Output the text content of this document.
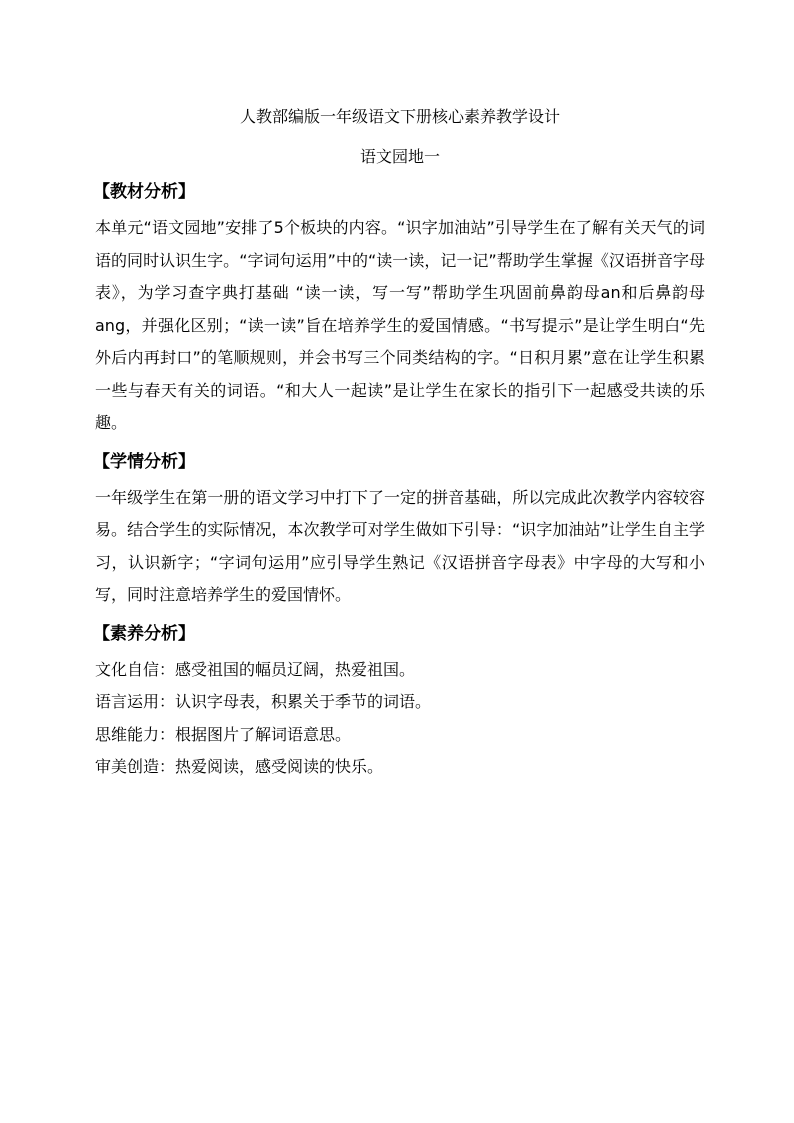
人教部编版一年级语文下册核心素养教学设计

语文园地一

【教材分析】

本单元“语文园地”安排了5个板块的内容。“识字加油站”引导学生在了解有关天气的词语的同时认识生字。“字词句运用”中的“读一读，记一记”帮助学生掌握《汉语拼音字母表》，为学习查字典打基础 “读一读，写一写”帮助学生巩固前鼻韵母an和后鼻韵母ang，并强化区别；“读一读”旨在培养学生的爱国情感。“书写提示”是让学生明白“先外后内再封口”的笔顺规则，并会书写三个同类结构的字。“日积月累”意在让学生积累一些与春天有关的词语。“和大人一起读”是让学生在家长的指引下一起感受共读的乐趣。

【学情分析】

一年级学生在第一册的语文学习中打下了一定的拼音基础，所以完成此次教学内容较容易。结合学生的实际情况，本次教学可对学生做如下引导：“识字加油站”让学生自主学习，认识新字；“字词句运用”应引导学生熟记《汉语拼音字母表》中字母的大写和小写，同时注意培养学生的爱国情怀。

【素养分析】

文化自信：感受祖国的幅员辽阔，热爱祖国。

语言运用：认识字母表，积累关于季节的词语。

思维能力：根据图片了解词语意思。

审美创造：热爱阅读，感受阅读的快乐。
